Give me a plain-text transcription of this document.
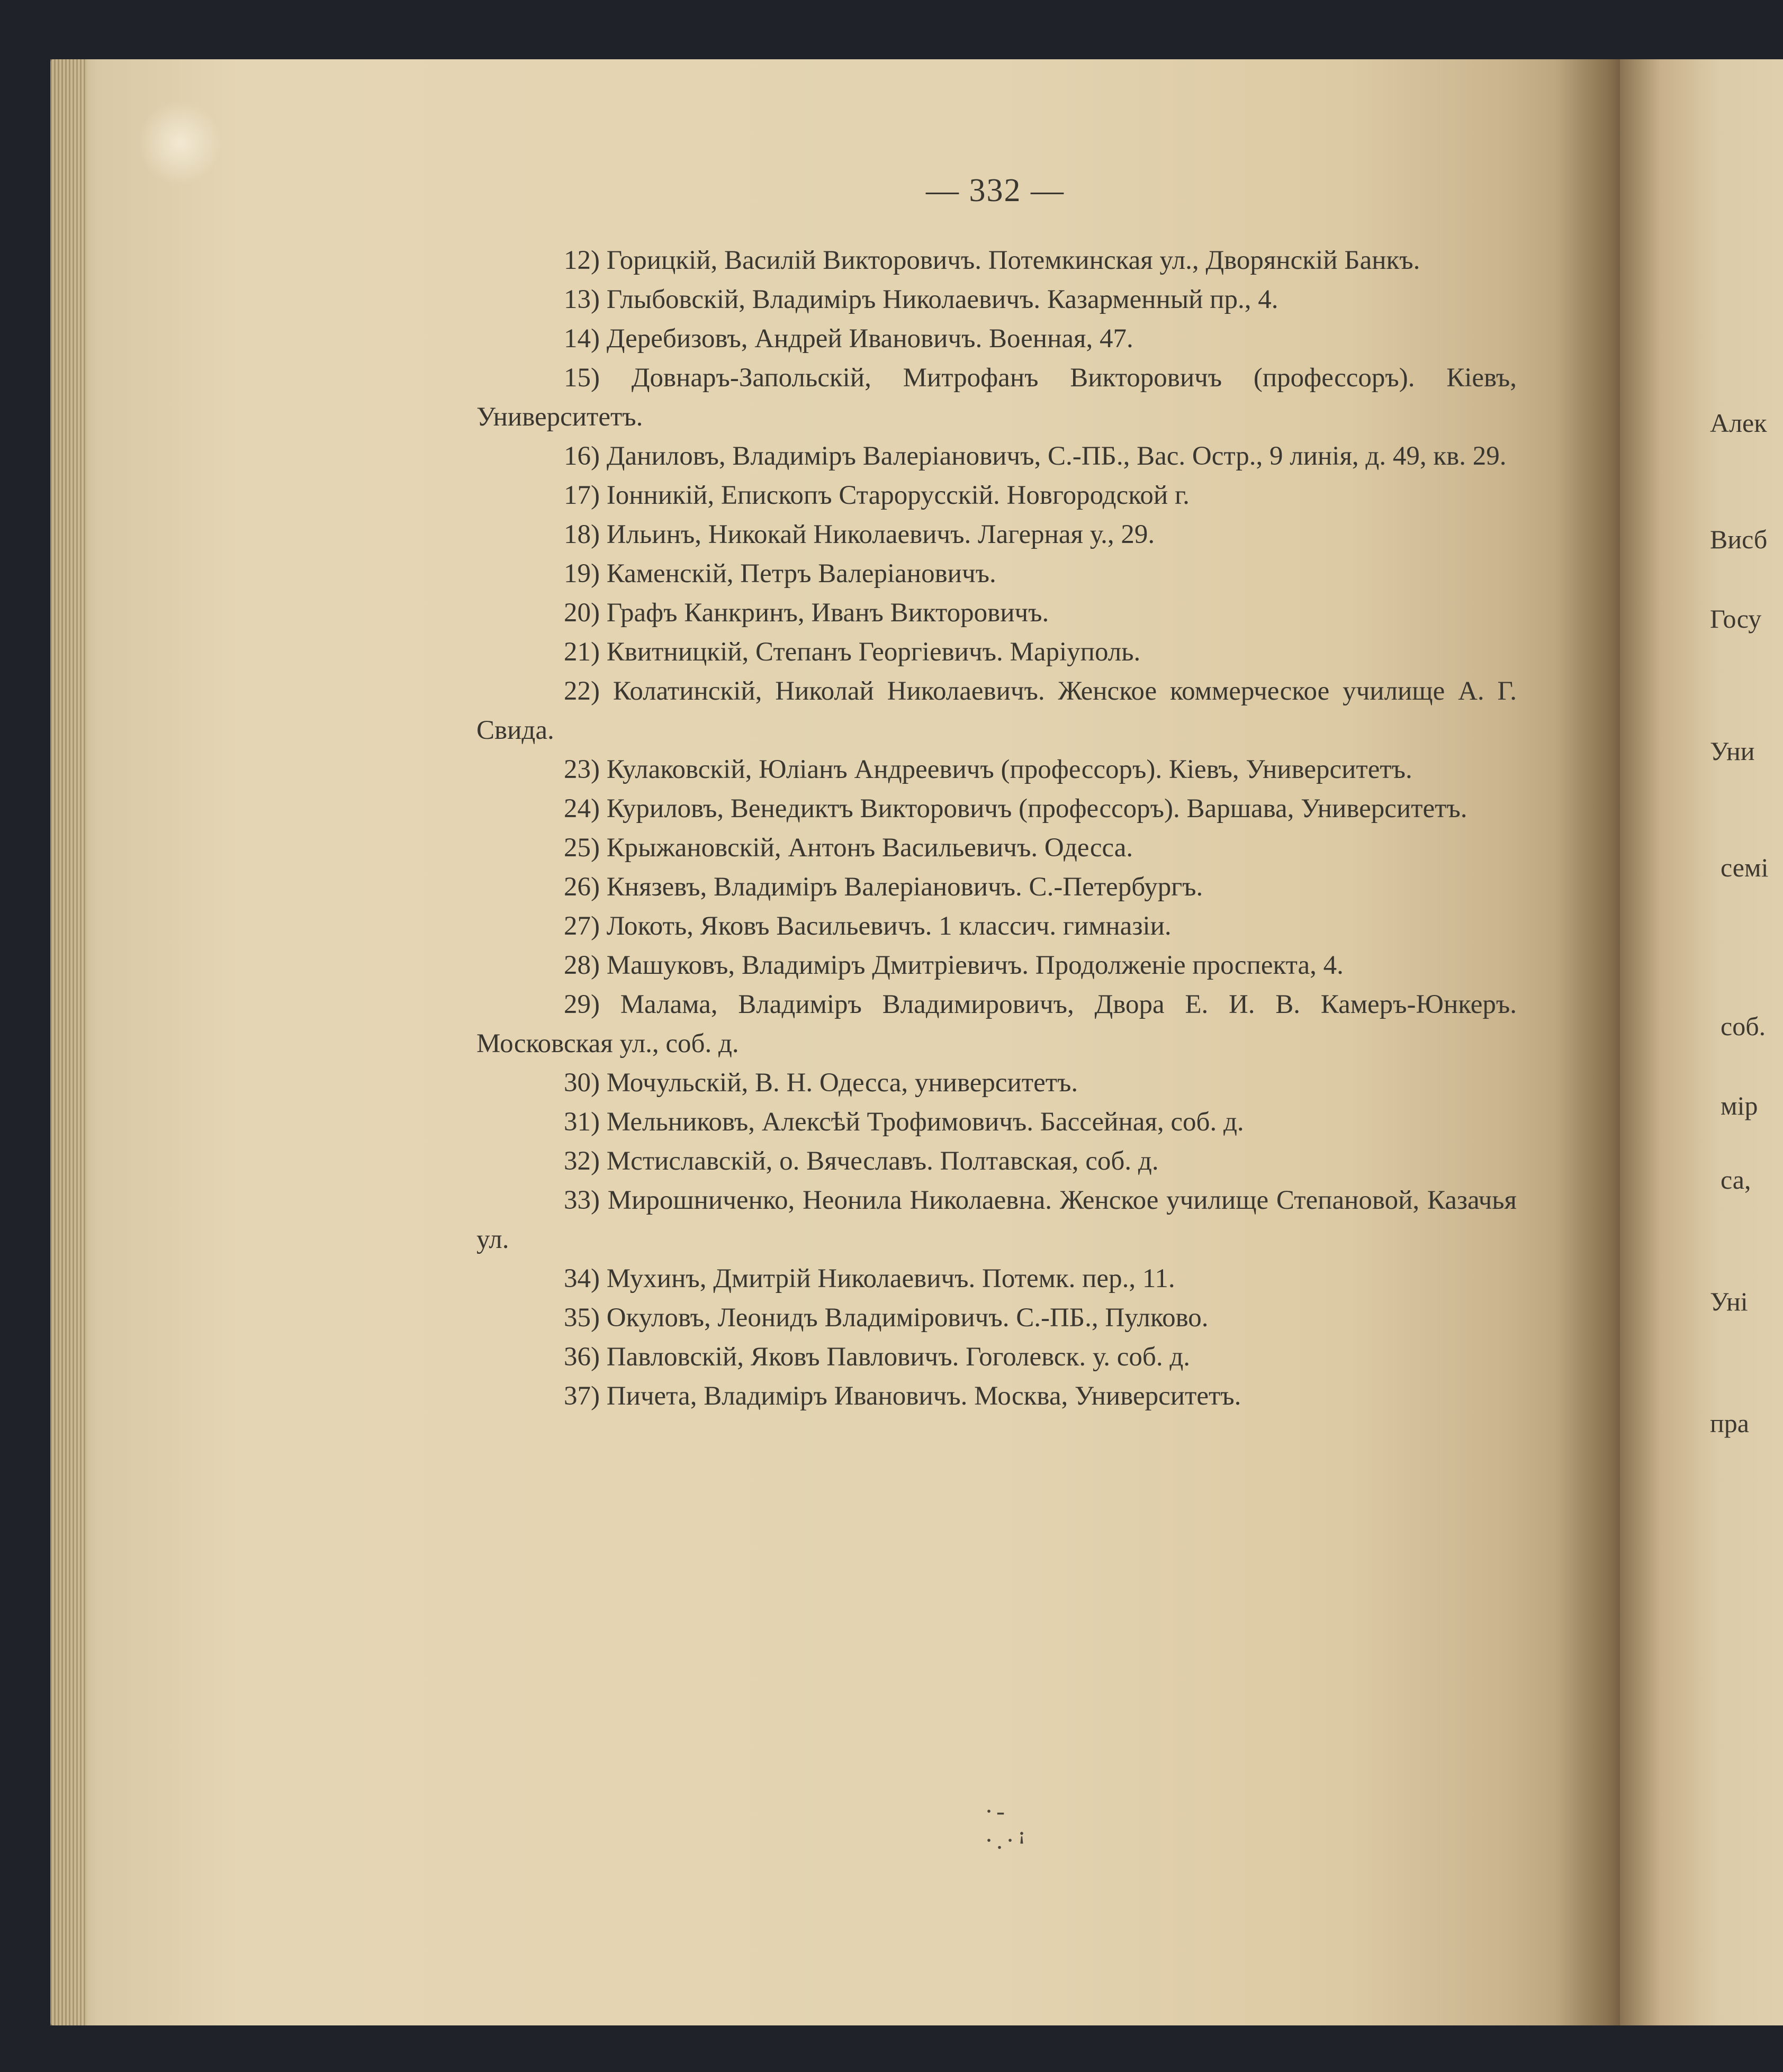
— 332 —
12) Горицкій, Василій Викторовичъ. Потемкинская ул., Дворянскій Банкъ.
13) Глыбовскій, Владиміръ Николаевичъ. Казарменный пр., 4.
14) Деребизовъ, Андрей Ивановичъ. Военная, 47.
15) Довнаръ-Запольскій, Митрофанъ Викторовичъ (профессоръ). Кіевъ, Университетъ.
16) Даниловъ, Владиміръ Валеріановичъ, С.-ПБ., Вас. Остр., 9 линія, д. 49, кв. 29.
17) Іонникій, Епископъ Старорусскій. Новгородской г.
18) Ильинъ, Никокай Николаевичъ. Лагерная у., 29.
19) Каменскій, Петръ Валеріановичъ.
20) Графъ Канкринъ, Иванъ Викторовичъ.
21) Квитницкій, Степанъ Георгіевичъ. Маріуполь.
22) Колатинскій, Николай Николаевичъ. Женское коммерческое училище А. Г. Свида.
23) Кулаковскій, Юліанъ Андреевичъ (профессоръ). Кіевъ, Университетъ.
24) Куриловъ, Венедиктъ Викторовичъ (профессоръ). Варшава, Университетъ.
25) Крыжановскій, Антонъ Васильевичъ. Одесса.
26) Князевъ, Владиміръ Валеріановичъ. С.-Петербургъ.
27) Локоть, Яковъ Васильевичъ. 1 классич. гимназіи.
28) Машуковъ, Владиміръ Дмитріевичъ. Продолженіе проспекта, 4.
29) Малама, Владиміръ Владимировичъ, Двора Е. И. В. Камеръ-Юнкеръ. Московская ул., соб. д.
30) Мочульскій, В. Н. Одесса, университетъ.
31) Мельниковъ, Алексѣй Трофимовичъ. Бассейная, соб. д.
32) Мстиславскій, о. Вячеславъ. Полтавская, соб. д.
33) Мирошниченко, Неонила Николаевна. Женское училище Степановой, Казачья ул.
34) Мухинъ, Дмитрій Николаевичъ. Потемк. пер., 11.
35) Окуловъ, Леонидъ Владиміровичъ. С.-ПБ., Пулково.
36) Павловскій, Яковъ Павловичъ. Гоголевск. у. соб. д.
37) Пичета, Владиміръ Ивановичъ. Москва, Университетъ.
·-·.·ꜟ
Алек
Висб
Госу
Уни
семі
соб.
мір
са,
Уні
пра
